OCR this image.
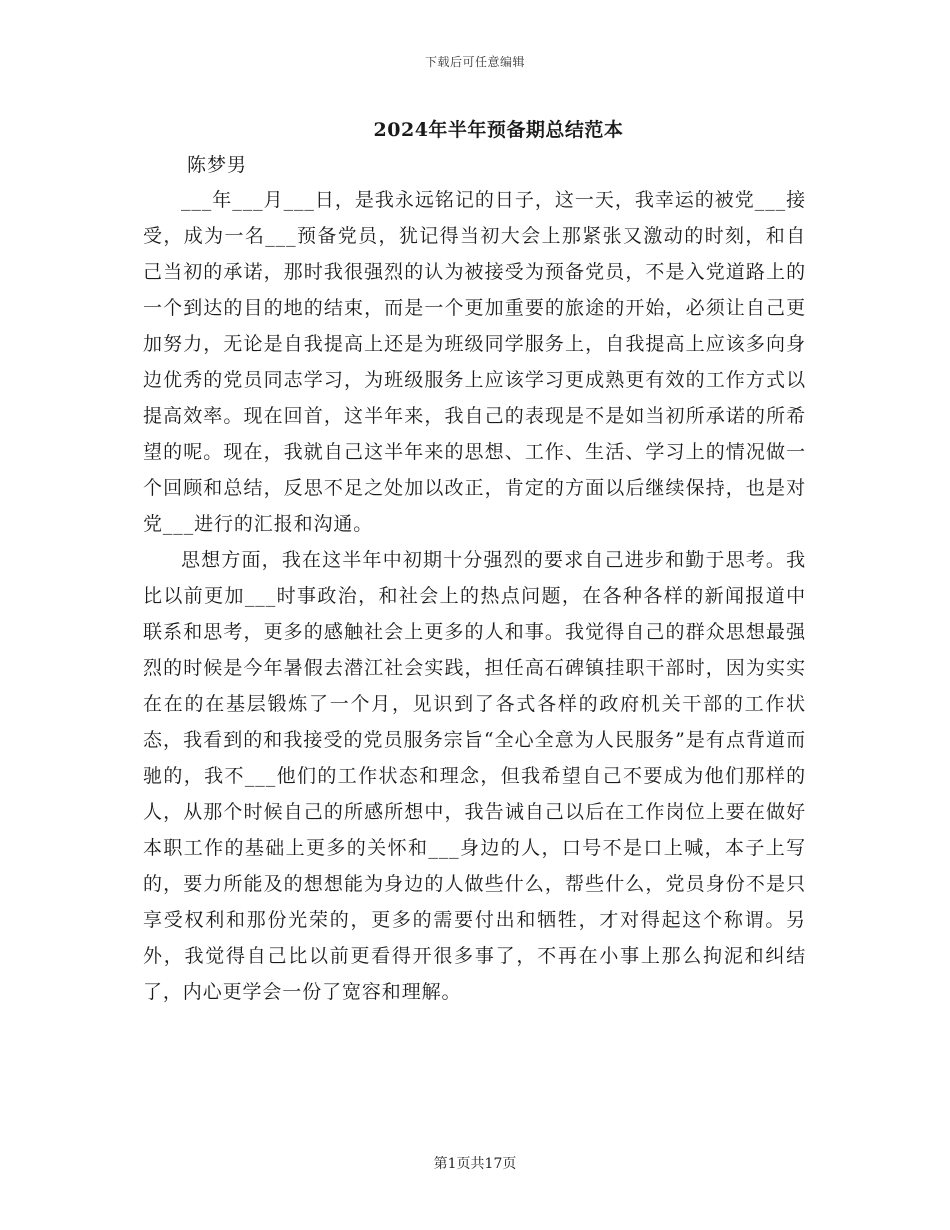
下载后可任意编辑
2024年半年预备期总结范本
陈梦男

___年___月___日，是我永远铭记的日子，这一天，我幸运的被党___接受，成为一名___预备党员，犹记得当初大会上那紧张又激动的时刻，和自己当初的承诺，那时我很强烈的认为被接受为预备党员，不是入党道路上的一个到达的目的地的结束，而是一个更加重要的旅途的开始，必须让自己更加努力，无论是自我提高上还是为班级同学服务上，自我提高上应该多向身边优秀的党员同志学习，为班级服务上应该学习更成熟更有效的工作方式以提高效率。现在回首，这半年来，我自己的表现是不是如当初所承诺的所希望的呢。现在，我就自己这半年来的思想、工作、生活、学习上的情况做一个回顾和总结，反思不足之处加以改正，肯定的方面以后继续保持，也是对党___进行的汇报和沟通。

思想方面，我在这半年中初期十分强烈的要求自己进步和勤于思考。我比以前更加___时事政治，和社会上的热点问题，在各种各样的新闻报道中联系和思考，更多的感触社会上更多的人和事。我觉得自己的群众思想最强烈的时候是今年暑假去潜江社会实践，担任高石碑镇挂职干部时，因为实实在在的在基层锻炼了一个月，见识到了各式各样的政府机关干部的工作状态，我看到的和我接受的党员服务宗旨“全心全意为人民服务”是有点背道而驰的，我不___他们的工作状态和理念，但我希望自己不要成为他们那样的人，从那个时候自己的所感所想中，我告诫自己以后在工作岗位上要在做好本职工作的基础上更多的关怀和___身边的人，口号不是口上喊，本子上写的，要力所能及的想想能为身边的人做些什么，帮些什么，党员身份不是只享受权利和那份光荣的，更多的需要付出和牺牲，才对得起这个称谓。另外，我觉得自己比以前更看得开很多事了，不再在小事上那么拘泥和纠结了，内心更学会一份了宽容和理解。

第1页共17页
